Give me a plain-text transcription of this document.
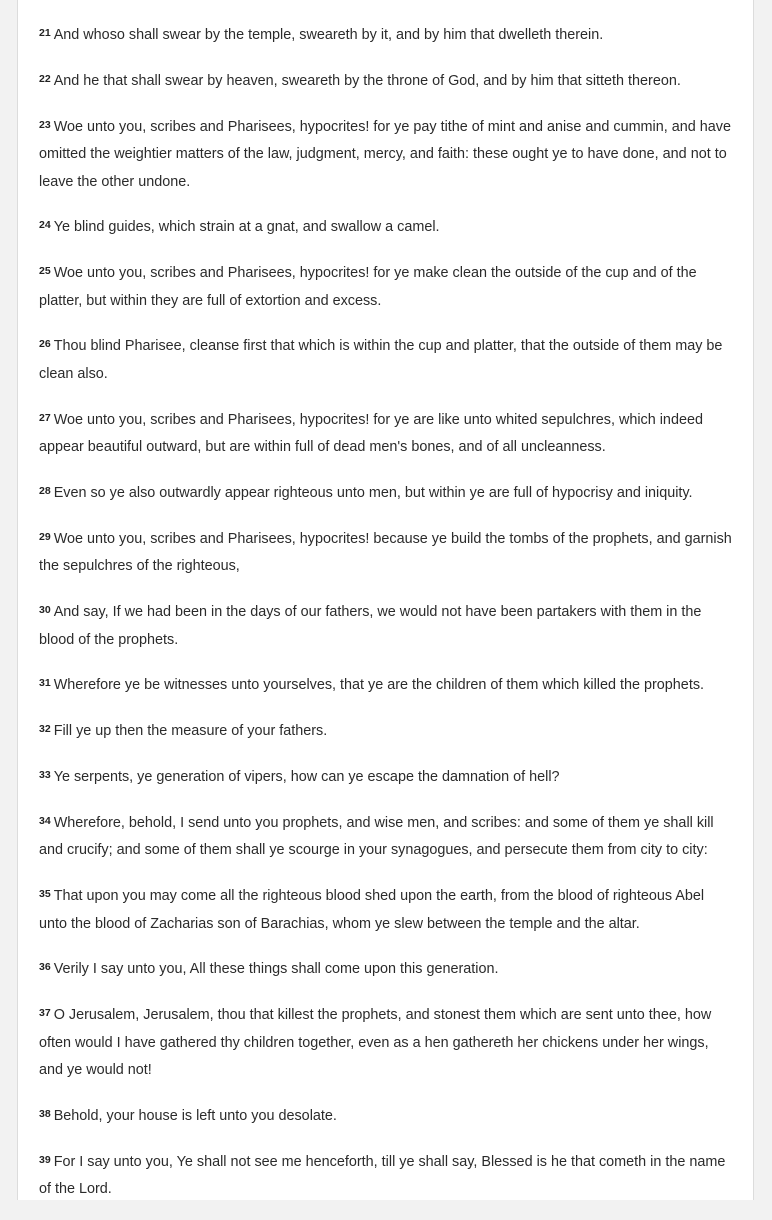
$^{21}$ And whoso shall swear by the temple, sweareth by it, and by him that dwelleth therein.

$^{22}$ And he that shall swear by heaven, sweareth by the throne of God, and by him that sitteth thereon.

$^{23}$ Woe unto you, scribes and Pharisees, hypocrites! for ye pay tithe of mint and anise and cummin, and have omitted the weightier matters of the law, judgment, mercy, and faith: these ought ye to have done, and not to leave the other undone.

$^{24}$ Ye blind guides, which strain at a gnat, and swallow a camel.

$^{25}$ Woe unto you, scribes and Pharisees, hypocrites! for ye make clean the outside of the cup and of the platter, but within they are full of extortion and excess.

$^{26}$ Thou blind Pharisee, cleanse first that which is within the cup and platter, that the outside of them may be clean also.

$^{27}$ Woe unto you, scribes and Pharisees, hypocrites! for ye are like unto whited sepulchres, which indeed appear beautiful outward, but are within full of dead men's bones, and of all uncleanness.

$^{28}$ Even so ye also outwardly appear righteous unto men, but within ye are full of hypocrisy and iniquity.

$^{29}$ Woe unto you, scribes and Pharisees, hypocrites! because ye build the tombs of the prophets, and garnish the sepulchres of the righteous,

$^{30}$ And say, If we had been in the days of our fathers, we would not have been partakers with them in the blood of the prophets.

$^{31}$ Wherefore ye be witnesses unto yourselves, that ye are the children of them which killed the prophets.

$^{32}$ Fill ye up then the measure of your fathers.

$^{33}$ Ye serpents, ye generation of vipers, how can ye escape the damnation of hell?

$^{34}$ Wherefore, behold, I send unto you prophets, and wise men, and scribes: and some of them ye shall kill and crucify; and some of them shall ye scourge in your synagogues, and persecute them from city to city:

$^{35}$ That upon you may come all the righteous blood shed upon the earth, from the blood of righteous Abel unto the blood of Zacharias son of Barachias, whom ye slew between the temple and the altar.

$^{36}$ Verily I say unto you, All these things shall come upon this generation.

$^{37}$ O Jerusalem, Jerusalem, thou that killest the prophets, and stonest them which are sent unto thee, how often would I have gathered thy children together, even as a hen gathereth her chickens under her wings, and ye would not!

$^{38}$ Behold, your house is left unto you desolate.

$^{39}$ For I say unto you, Ye shall not see me henceforth, till ye shall say, Blessed is he that cometh in the name of the Lord.
